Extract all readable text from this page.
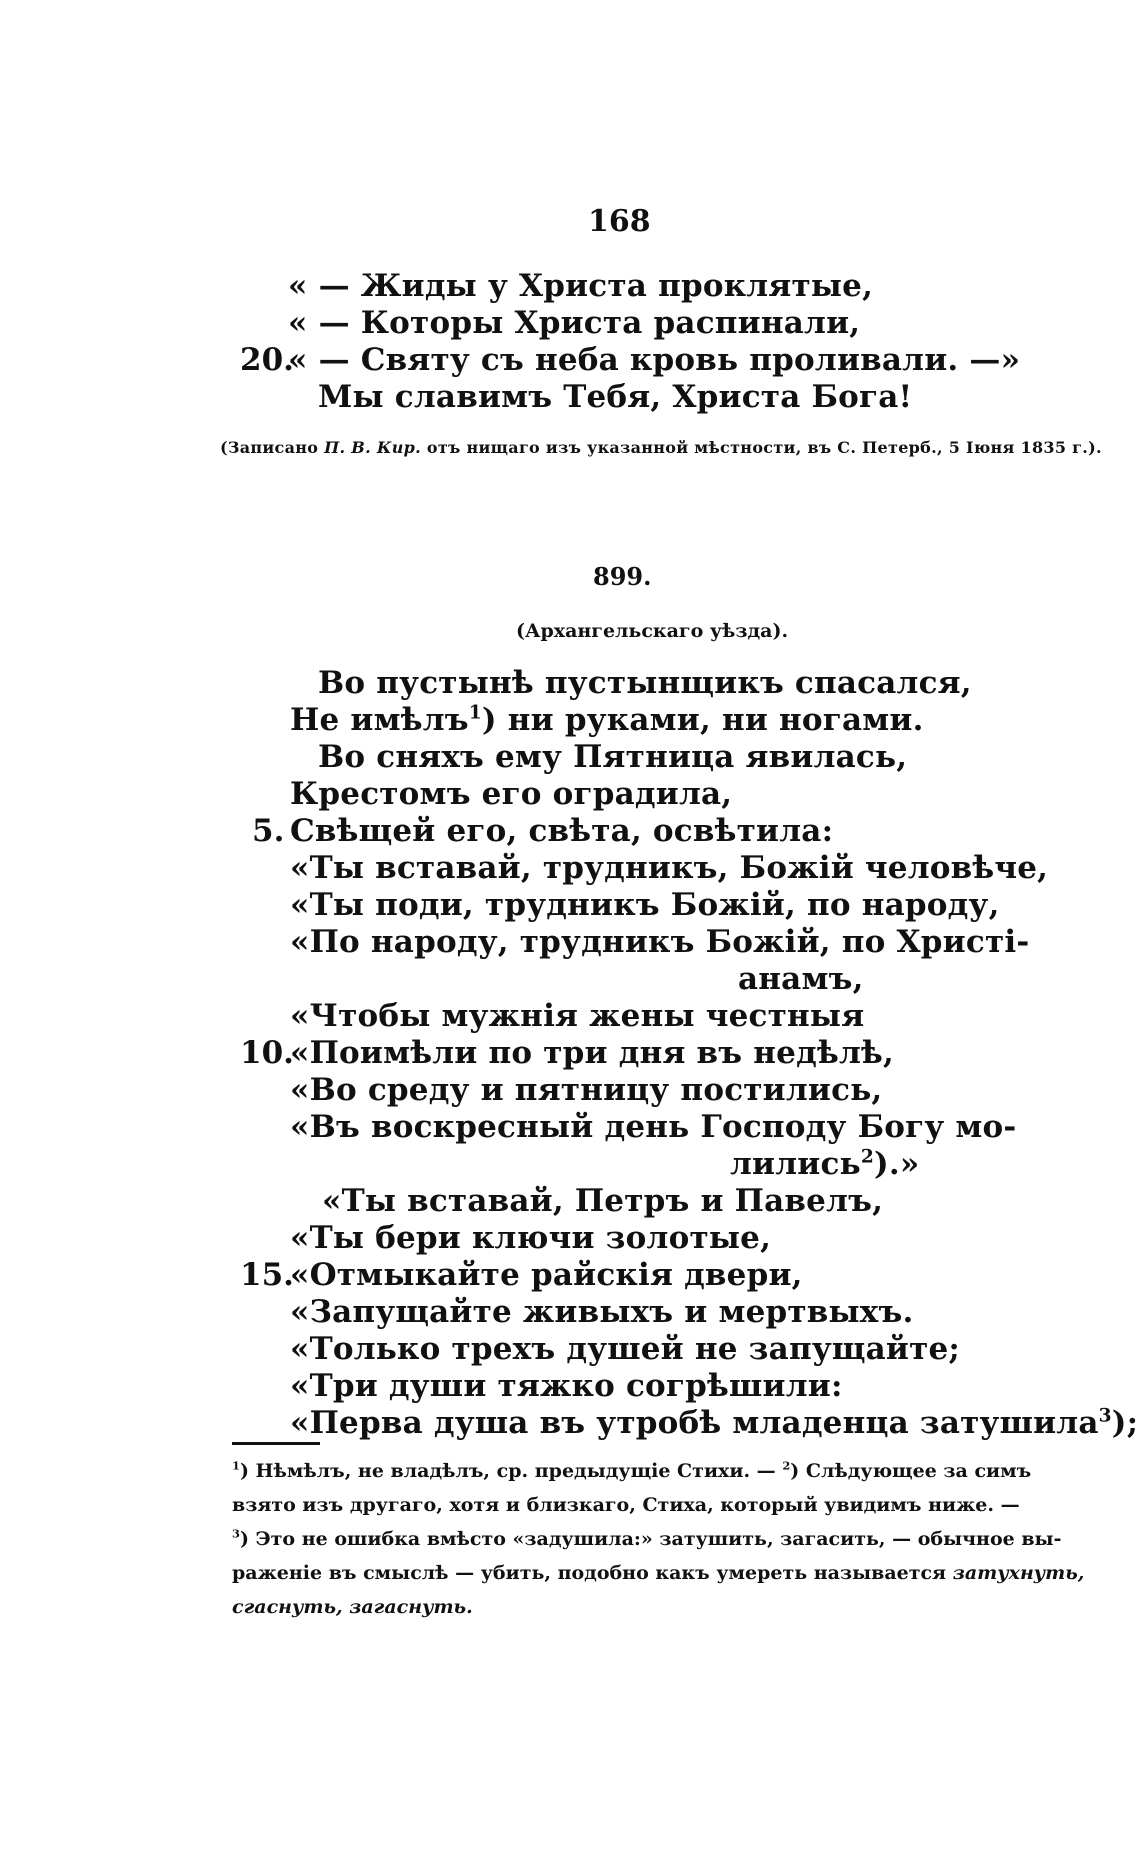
168
« — Жиды у Христа проклятые,
« — Которы Христа распинали,
20.
« — Святу съ неба кровь проливали. —»
Мы славимъ Тебя, Христа Бога!
(Записано П. В. Кир. отъ нищаго изъ указанной мѣстности, въ С. Петерб., 5 Іюня 1835 г.).
899.
(Архангельскаго уѣзда).
Во пустынѣ пустынщикъ спасался,
Не имѣлъ$^1$) ни руками, ни ногами.
Во сняхъ ему Пятница явилась,
Крестомъ его оградила,
5. Свѣщей его, свѣта, освѣтила:
«Ты вставай, трудникъ, Божій человѣче,
«Ты поди, трудникъ Божій, по народу,
«По народу, трудникъ Божій, по Христі-
анамъ,
«Чтобы мужнія жены честныя
10.
«Поимѣли по три дня въ недѣлѣ,
«Во среду и пятницу постились,
«Въ воскресный день Господу Богу мо-
лились$^2$).»
«Ты вставай, Петръ и Павелъ,
«Ты бери ключи золотые,
15.
«Отмыкайте райскія двери,
«Запущайте живыхъ и мертвыхъ.
«Только трехъ душей не запущайте;
«Три души тяжко согрѣшили:
«Перва душа въ утробѣ младенца затушила$^3$);
$^1$) Нѣмѣлъ, не владѣлъ, ср. предыдущіе Стихи. — $^2$) Слѣдующее за симъ
взято изъ другаго, хотя и близкаго, Стиха, который увидимъ ниже. —
$^3$) Это не ошибка вмѣсто «задушила:» затушить, загасить, — обычное вы-
раженіе въ смыслѣ — убить, подобно какъ умереть называется затухнуть,
сгаснуть, загаснуть.
